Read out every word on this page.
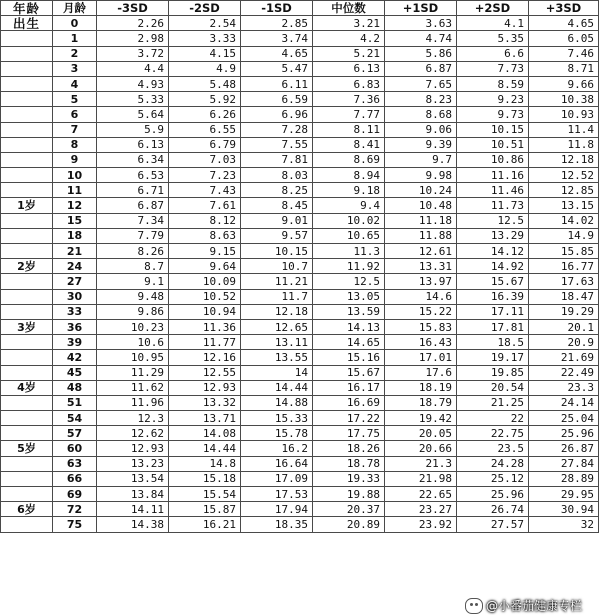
年龄	月龄	-3SD	-2SD	-1SD	中位数	+1SD	+2SD	+3SD
出生	0	2.26	2.54	2.85	3.21	3.63	4.1	4.65
	1	2.98	3.33	3.74	4.2	4.74	5.35	6.05
	2	3.72	4.15	4.65	5.21	5.86	6.6	7.46
	3	4.4	4.9	5.47	6.13	6.87	7.73	8.71
	4	4.93	5.48	6.11	6.83	7.65	8.59	9.66
	5	5.33	5.92	6.59	7.36	8.23	9.23	10.38
	6	5.64	6.26	6.96	7.77	8.68	9.73	10.93
	7	5.9	6.55	7.28	8.11	9.06	10.15	11.4
	8	6.13	6.79	7.55	8.41	9.39	10.51	11.8
	9	6.34	7.03	7.81	8.69	9.7	10.86	12.18
	10	6.53	7.23	8.03	8.94	9.98	11.16	12.52
	11	6.71	7.43	8.25	9.18	10.24	11.46	12.85
1岁	12	6.87	7.61	8.45	9.4	10.48	11.73	13.15
	15	7.34	8.12	9.01	10.02	11.18	12.5	14.02
	18	7.79	8.63	9.57	10.65	11.88	13.29	14.9
	21	8.26	9.15	10.15	11.3	12.61	14.12	15.85
2岁	24	8.7	9.64	10.7	11.92	13.31	14.92	16.77
	27	9.1	10.09	11.21	12.5	13.97	15.67	17.63
	30	9.48	10.52	11.7	13.05	14.6	16.39	18.47
	33	9.86	10.94	12.18	13.59	15.22	17.11	19.29
3岁	36	10.23	11.36	12.65	14.13	15.83	17.81	20.1
	39	10.6	11.77	13.11	14.65	16.43	18.5	20.9
	42	10.95	12.16	13.55	15.16	17.01	19.17	21.69
	45	11.29	12.55	14	15.67	17.6	19.85	22.49
4岁	48	11.62	12.93	14.44	16.17	18.19	20.54	23.3
	51	11.96	13.32	14.88	16.69	18.79	21.25	24.14
	54	12.3	13.71	15.33	17.22	19.42	22	25.04
	57	12.62	14.08	15.78	17.75	20.05	22.75	25.96
5岁	60	12.93	14.44	16.2	18.26	20.66	23.5	26.87
	63	13.23	14.8	16.64	18.78	21.3	24.28	27.84
	66	13.54	15.18	17.09	19.33	21.98	25.12	28.89
	69	13.84	15.54	17.53	19.88	22.65	25.96	29.95
6岁	72	14.11	15.87	17.94	20.37	23.27	26.74	30.94
	75	14.38	16.21	18.35	20.89	23.92	27.57	32
@小番茄健康专栏
